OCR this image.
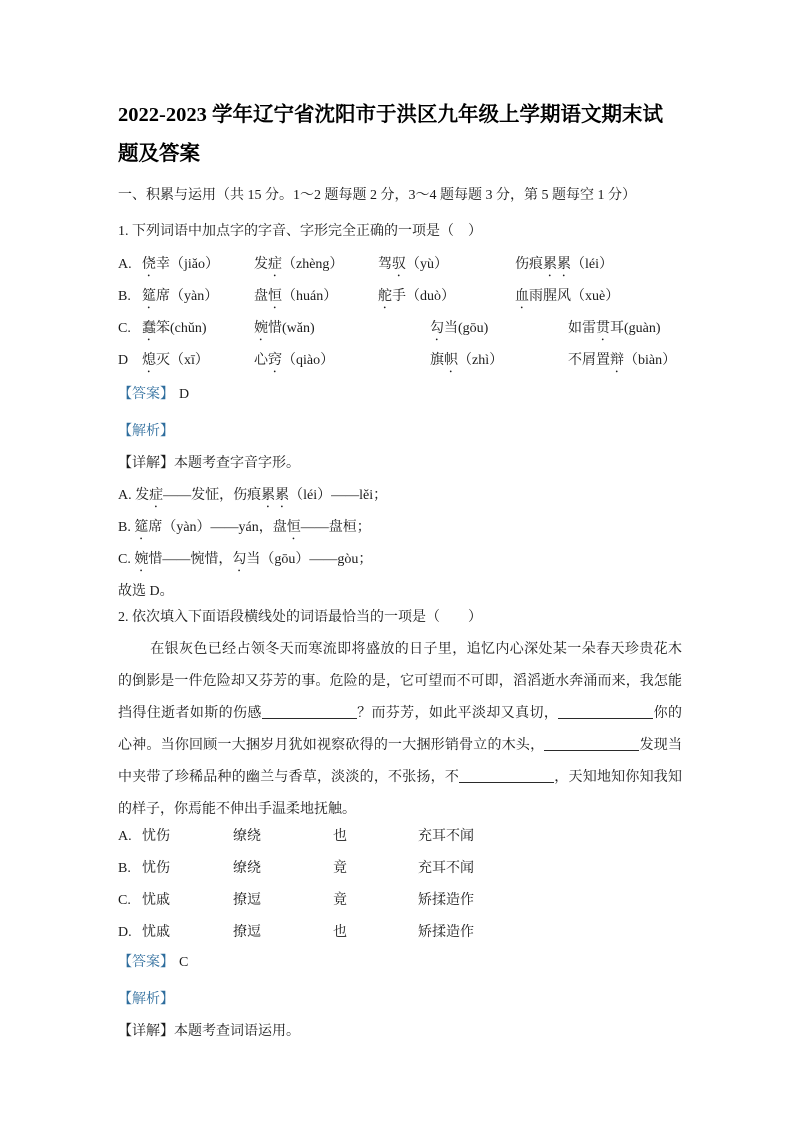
2022-2023 学年辽宁省沈阳市于洪区九年级上学期语文期末试题及答案

一、积累与运用（共 15 分。1～2 题每题 2 分，3～4 题每题 3 分，第 5 题每空 1 分）

1. 下列词语中加点字的字音、字形完全正确的一项是（　）

A. 侥幸（jiǎo）	发症（zhèng）	驾驭（yù）	伤痕累累（léi）
B. 筵席（yàn）	盘恒（huán）	舵手（duò）	血雨腥风（xuè）
C. 蠢笨(chǔn)	婉惜(wǎn)	勾当(gōu)	如雷贯耳(guàn)
D 熄灭（xī）	心窍（qiào）	旗帜（zhì）	不屑置辩（biàn）

【答案】 D

【解析】

【详解】本题考查字音字形。

A. 发症——发怔，伤痕累累（léi）——lěi；

B. 筵席（yàn）——yán，盘恒——盘桓；

C. 婉惜——惋惜，勾当（gōu）——gòu；

故选 D。

2. 依次填入下面语段横线处的词语最恰当的一项是（　　）

在银灰色已经占领冬天而寒流即将盛放的日子里，追忆内心深处某一朵春天珍贵花木的倒影是一件危险却又芬芳的事。危险的是，它可望而不可即，滔滔逝水奔涌而来，我怎能挡得住逝者如斯的伤感	？而芬芳，如此平淡却又真切，	你的心神。当你回顾一大捆岁月犹如视察砍得的一大捆形销骨立的木头，	发现当中夹带了珍稀品种的幽兰与香草，淡淡的，不张扬，不	，天知地知你知我知的样子，你焉能不伸出手温柔地抚触。

A. 忧伤	缭绕	也	充耳不闻
B. 忧伤	缭绕	竟	充耳不闻
C. 忧戚	撩逗	竟	矫揉造作
D. 忧戚	撩逗	也	矫揉造作

【答案】 C

【解析】

【详解】本题考查词语运用。
